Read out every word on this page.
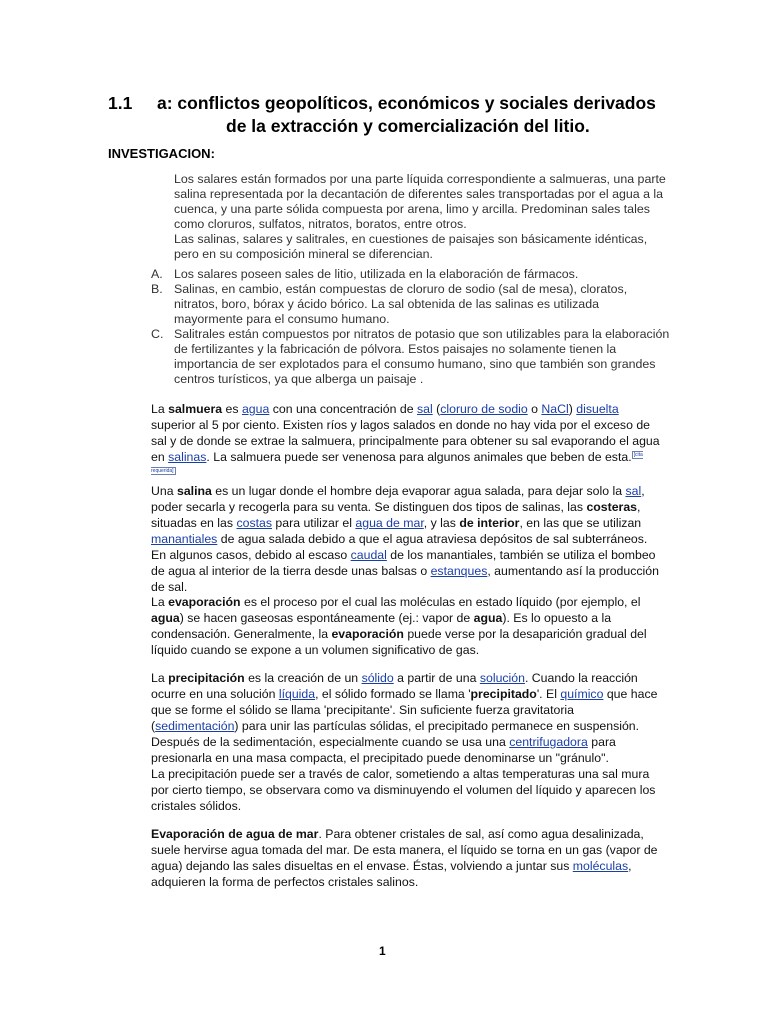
1.1 a: conflictos geopolíticos, económicos y sociales derivados
de la extracción y comercialización del litio.
INVESTIGACION:

Los salares están formados por una parte líquida correspondiente a salmueras, una parte salina representada por la decantación de diferentes sales transportadas por el agua a la cuenca, y una parte sólida compuesta por arena, limo y arcilla. Predominan sales tales como cloruros, sulfatos, nitratos, boratos, entre otros.

Las salinas, salares y salitrales, en cuestiones de paisajes son básicamente idénticas, pero en su composición mineral se diferencian.

A. Los salares poseen sales de litio, utilizada en la elaboración de fármacos.
B. Salinas, en cambio, están compuestas de cloruro de sodio (sal de mesa), cloratos, nitratos, boro, bórax y ácido bórico. La sal obtenida de las salinas es utilizada mayormente para el consumo humano.
C. Salitrales están compuestos por nitratos de potasio que son utilizables para la elaboración de fertilizantes y la fabricación de pólvora. Estos paisajes no solamente tienen la importancia de ser explotados para el consumo humano, sino que también son grandes centros turísticos, ya que alberga un paisaje .

La salmuera es agua con una concentración de sal (cloruro de sodio o NaCl) disuelta superior al 5 por ciento. Existen ríos y lagos salados en donde no hay vida por el exceso de sal y de donde se extrae la salmuera, principalmente para obtener su sal evaporando el agua en salinas. La salmuera puede ser venenosa para algunos animales que beben de esta. [cita requerida]

Una salina es un lugar donde el hombre deja evaporar agua salada, para dejar solo la sal, poder secarla y recogerla para su venta. Se distinguen dos tipos de salinas, las costeras, situadas en las costas para utilizar el agua de mar, y las de interior, en las que se utilizan manantiales de agua salada debido a que el agua atraviesa depósitos de sal subterráneos. En algunos casos, debido al escaso caudal de los manantiales, también se utiliza el bombeo de agua al interior de la tierra desde unas balsas o estanques, aumentando así la producción de sal.

La evaporación es el proceso por el cual las moléculas en estado líquido (por ejemplo, el agua) se hacen gaseosas espontáneamente (ej.: vapor de agua). Es lo opuesto a la condensación. Generalmente, la evaporación puede verse por la desaparición gradual del líquido cuando se expone a un volumen significativo de gas.

La precipitación es la creación de un sólido a partir de una solución. Cuando la reacción ocurre en una solución líquida, el sólido formado se llama 'precipitado'. El químico que hace que se forme el sólido se llama 'precipitante'. Sin suficiente fuerza gravitatoria (sedimentación) para unir las partículas sólidas, el precipitado permanece en suspensión. Después de la sedimentación, especialmente cuando se usa una centrifugadora para presionarla en una masa compacta, el precipitado puede denominarse un "gránulo".

La precipitación puede ser a través de calor, sometiendo a altas temperaturas una sal mura por cierto tiempo, se observara como va disminuyendo el volumen del líquido y aparecen los cristales sólidos.

Evaporación de agua de mar. Para obtener cristales de sal, así como agua desalinizada, suele hervirse agua tomada del mar. De esta manera, el líquido se torna en un gas (vapor de agua) dejando las sales disueltas en el envase. Éstas, volviendo a juntar sus moléculas, adquieren la forma de perfectos cristales salinos.

1
